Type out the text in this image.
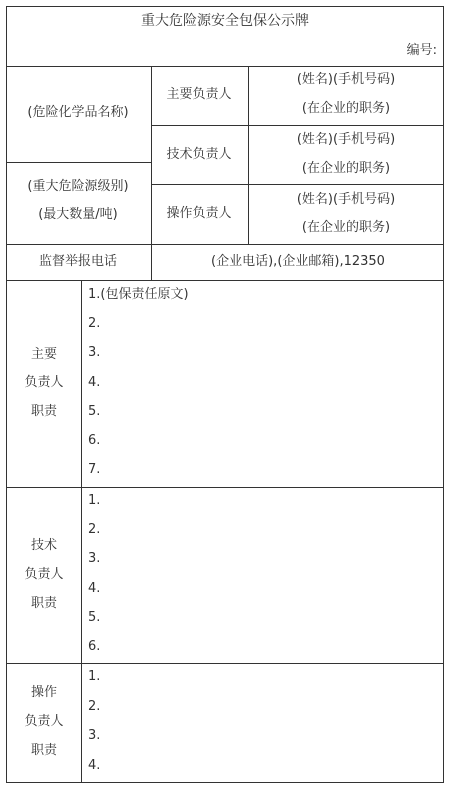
重大危险源安全包保公示牌
编号:
(危险化学品名称)
(重大危险源级别)
(最大数量/吨)
主要负责人
(姓名)(手机号码)
(在企业的职务)
技术负责人
(姓名)(手机号码)
(在企业的职务)
操作负责人
(姓名)(手机号码)
(在企业的职务)
监督举报电话	(企业电话),(企业邮箱),12350
主要
负责人
职责
1.(包保责任原文)
2.
3.
4.
5.
6.
7.
技术
负责人
职责
1.
2.
3.
4.
5.
6.
操作
负责人
职责
1.
2.
3.
4.
